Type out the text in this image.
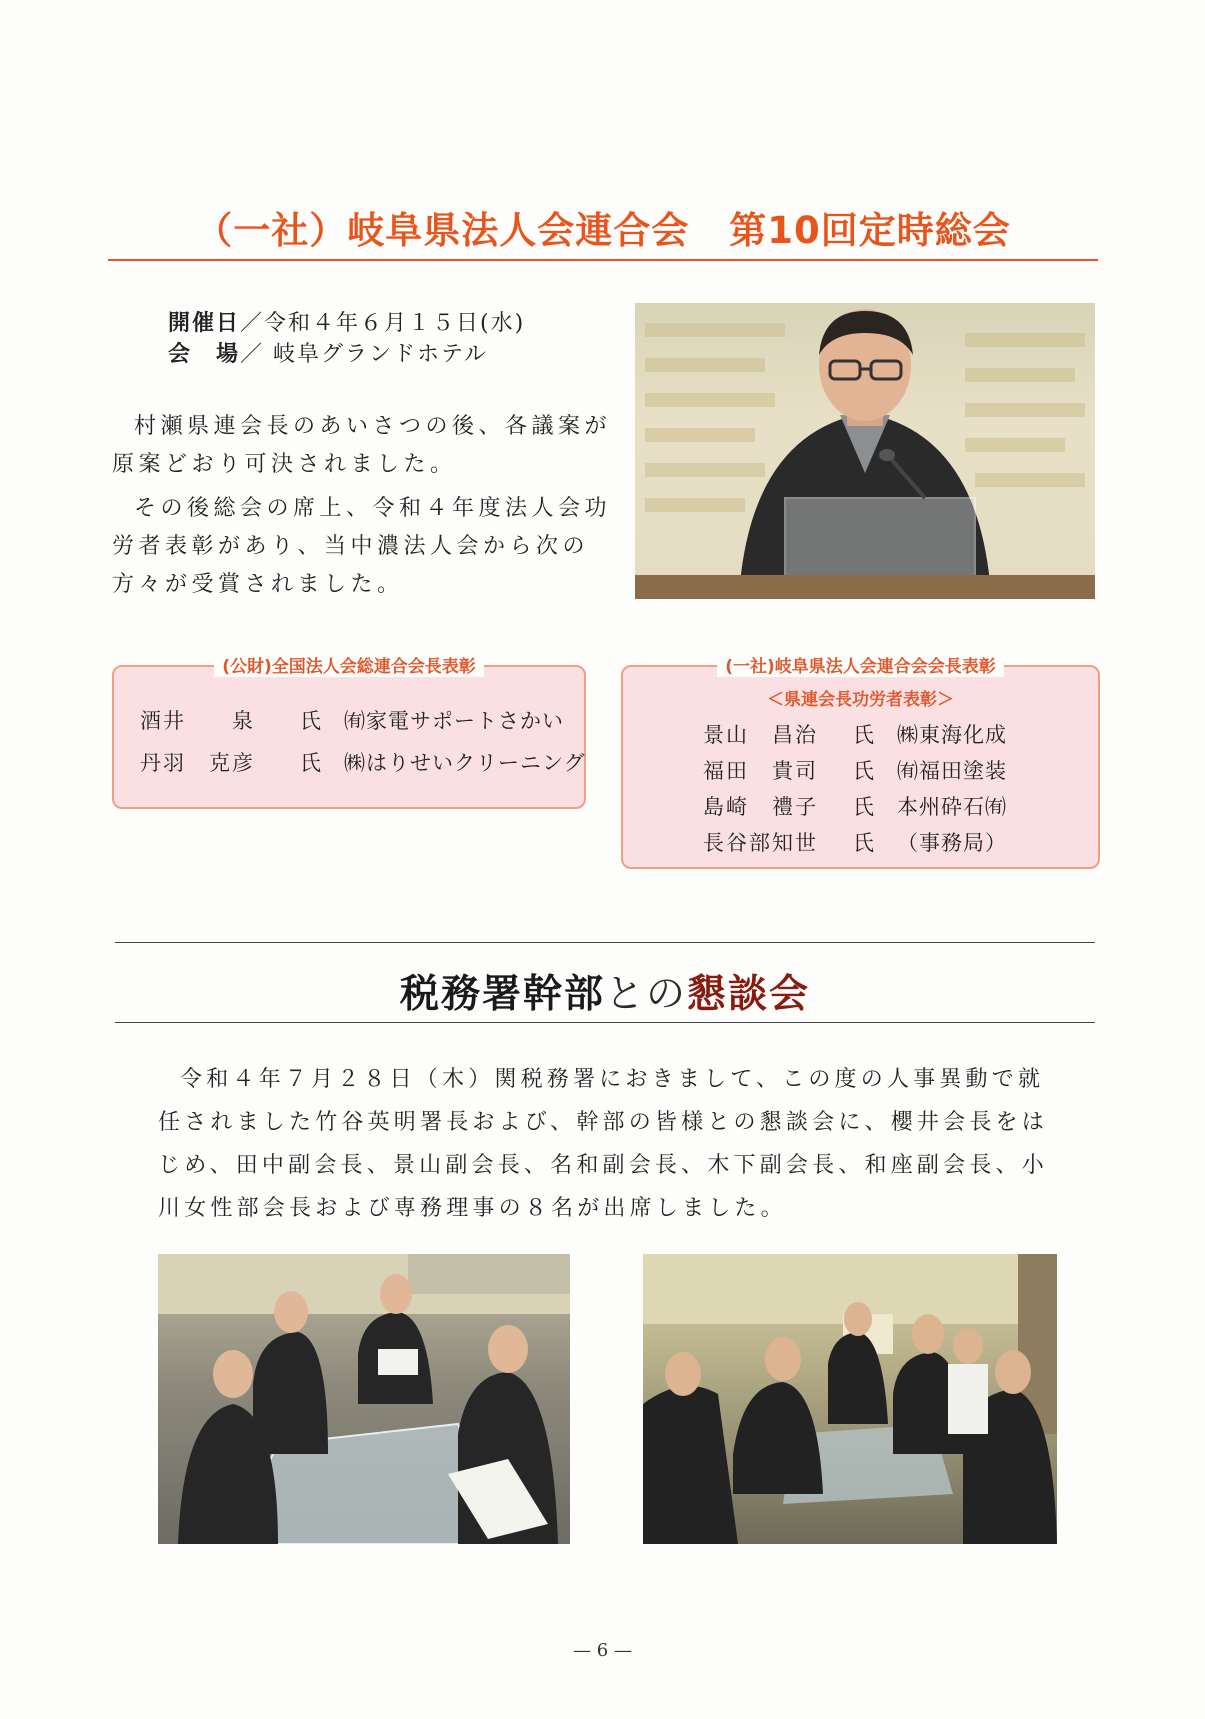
（一社）岐阜県法人会連合会 第10回定時総会
開催日／令和４年６月１５日(水)
会　場／ 岐阜グランドホテル
村瀬県連会長のあいさつの後、各議案が原案どおり可決されました。
その後総会の席上、令和４年度法人会功労者表彰があり、当中濃法人会から次の方々が受賞されました。
(公財)全国法人会総連合会長表彰
酒井　　泉 氏 ㈲家電サポートさかい
丹羽　克彦 氏 ㈱はりせいクリーニング
(一社)岐阜県法人会連合会会長表彰
＜県連会長功労者表彰＞
景山　昌治 氏 ㈱東海化成
福田　貴司 氏 ㈲福田塗装
島崎　禮子 氏 本州砕石㈲
長谷部知世 氏 （事務局）
税務署幹部との懇談会
令和４年７月２８日（木）関税務署におきまして、この度の人事異動で就任されました竹谷英明署長および、幹部の皆様との懇談会に、櫻井会長をはじめ、田中副会長、景山副会長、名和副会長、木下副会長、和座副会長、小川女性部会長および専務理事の８名が出席しました。
— 6 —
